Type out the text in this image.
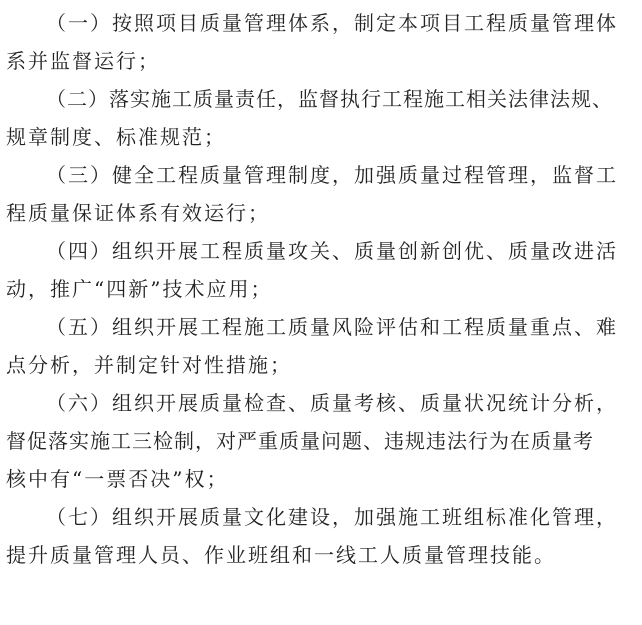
（一）按照项目质量管理体系，制定本项目工程质量管理体
系并监督运行；
（二）落实施工质量责任，监督执行工程施工相关法律法规、
规章制度、标准规范；
（三）健全工程质量管理制度，加强质量过程管理，监督工
程质量保证体系有效运行；
（四）组织开展工程质量攻关、质量创新创优、质量改进活
动，推广“四新”技术应用；
（五）组织开展工程施工质量风险评估和工程质量重点、难
点分析，并制定针对性措施；
（六）组织开展质量检查、质量考核、质量状况统计分析，
督促落实施工三检制，对严重质量问题、违规违法行为在质量考
核中有“一票否决”权；
（七）组织开展质量文化建设，加强施工班组标准化管理，
提升质量管理人员、作业班组和一线工人质量管理技能。
